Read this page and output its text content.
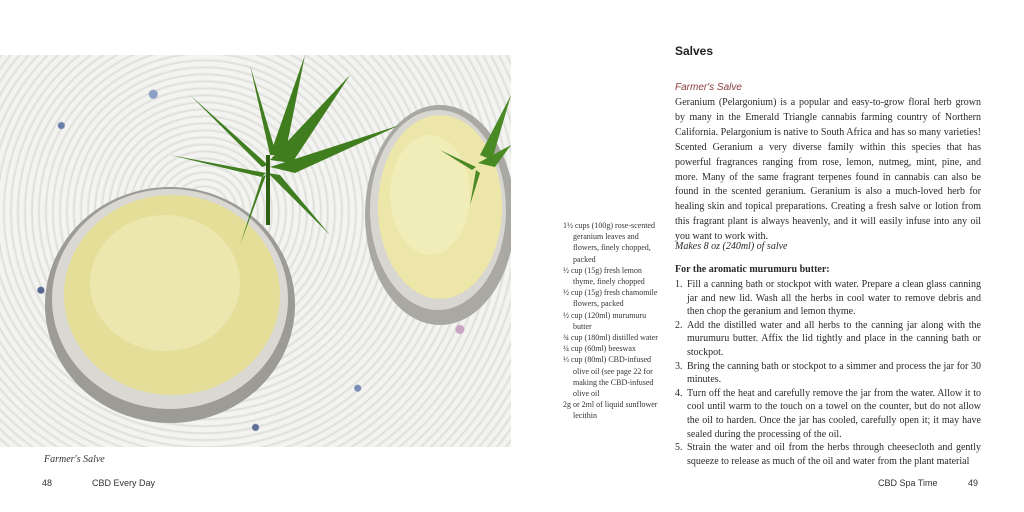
Farmer's Salve
48	CBD Every Day
Salves
Farmer's Salve

Geranium (Pelargonium) is a popular and easy-to-grow floral herb grown by many in the Emerald Triangle cannabis farming country of Northern California. Pelargonium is native to South Africa and has so many varieties! Scented Geranium a very diverse family within this species that has powerful fragrances ranging from rose, lemon, nutmeg, mint, pine, and more. Many of the same fragrant terpenes found in cannabis can also be found in the scented geranium. Geranium is also a much-loved herb for healing skin and topical preparations. Creating a fresh salve or lotion from this fragrant plant is always heavenly, and it will easily infuse into any oil you want to work with.

Makes 8 oz (240ml) of salve
For the aromatic murumuru butter:
1. Fill a canning bath or stockpot with water. Prepare a clean glass canning jar and new lid. Wash all the herbs in cool water to remove debris and then chop the geranium and lemon thyme.
2. Add the distilled water and all herbs to the canning jar along with the murumuru butter. Affix the lid tightly and place in the canning bath or stockpot.
3. Bring the canning bath or stockpot to a simmer and process the jar for 30 minutes.
4. Turn off the heat and carefully remove the jar from the water. Allow it to cool until warm to the touch on a towel on the counter, but do not allow the oil to harden. Once the jar has cooled, carefully open it; it may have sealed during the processing of the oil.
5. Strain the water and oil from the herbs through cheesecloth and gently squeeze to release as much of the oil and water from the plant material
1½ cups (100g) rose-scented geranium leaves and flowers, finely chopped, packed
½ cup (15g) fresh lemon thyme, finely chopped
½ cup (15g) fresh chamomile flowers, packed
½ cup (120ml) murumuru butter
¾ cup (180ml) distilled water
¼ cup (60ml) beeswax
⅓ cup (80ml) CBD-infused olive oil (see page 22 for making the CBD-infused olive oil
2g or 2ml of liquid sunflower lecithin
CBD Spa Time	49
